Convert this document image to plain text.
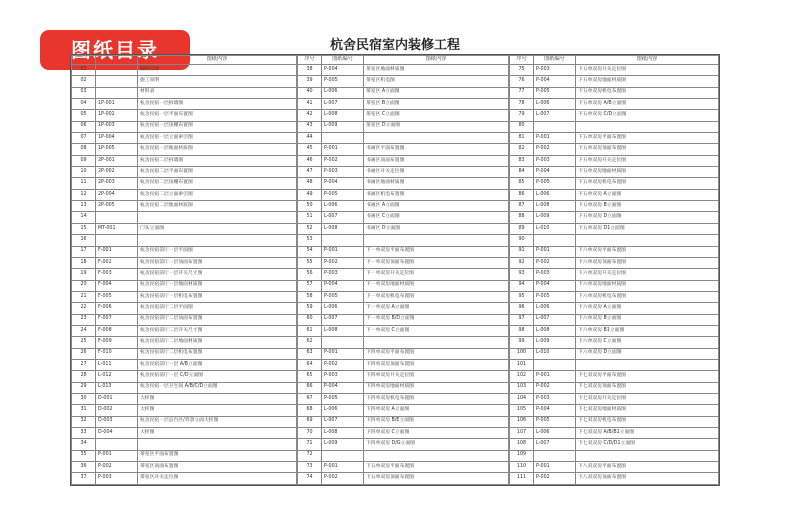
图纸目录	杭舍民宿室内装修工程
		图纸内容
01		图纸目录
02		施工说明
03		材料表
04	1P-001	杭舍民宿一层拆墙图
05	1P-002	杭舍民宿一层平面布置图
06	1P-003	杭舍民宿一层顶棚布置图
07	1P-004	杭舍民宿一层立面索引图
08	1P-005	杭舍民宿一层地面材质图
09	2P-001	杭舍民宿二层拆墙图
10	2P-002	杭舍民宿二层平面布置图
11	2P-003	杭舍民宿二层顶棚布置图
12	2P-004	杭舍民宿二层立面索引图
13	2P-005	杭舍民宿二层地面材质图
14		
15	MT-001	门头立面图
16		
17	F-001	杭舍民宿前厅一层平面图
18	F-002	杭舍民宿前厅一层顶面布置图
19	F-003	杭舍民宿前厅一层开关尺寸图
20	F-004	杭舍民宿前厅一层地面材质图
21	F-005	杭舍民宿前厅一层机电布置图
22	F-006	杭舍民宿前厅二层平面图
23	F-007	杭舍民宿前厅二层顶面布置图
24	F-008	杭舍民宿前厅二层开关尺寸图
25	F-009	杭舍民宿前厅二层地面材质图
26	F-010	杭舍民宿前厅二层机电布置图
27	L-011	杭舍民宿前厅一层 A/B立面图
28	L-012	杭舍民宿前厅一层 C/D立面图
29	L-013	杭舍民宿一层卫生间 A/B/C/D立面图
30	D-001	大样图
31	D-002	大样图
32	D-003	杭舍民宿一层总台区/背景立面大样图
33	D-004	大样图
34		
35	P-001	茶室区平面布置图
36	P-002	茶室区顶面布置图
37	P-003	茶室区开关定位图
序号	图纸编号	图纸内容
38	P-004	茶室区地面材质图
39	P-005	茶室区机电图
40	L-006	茶室区 A立面图
41	L-007	茶室区 B立面图
42	L-008	茶室区 C立面图
43	L-009	茶室区 D立面图
44		
45	P-001	书画区平面布置图
46	P-002	书画区顶面布置图
47	P-003	书画区开关定位图
48	P-004	书画区地面材质图
49	P-005	书画区机电布置图
50	L-006	书画区 A立面图
51	L-007	书画区 C立面图
52	L-008	书画区 D立面图
53		
54	P-001	下一单双房平面布置图
55	P-002	下一单双房顶面布置图
56	P-003	下一单双房开关定位图
57	P-004	下一单双房地面材质图
58	P-005	下一单双房机电布置图
59	L-006	下一单双房 A立面图
60	L-007	下一单双房 B/D立面图
61	L-008	下一单双房 C立面图
62		
63	P-001	下四单双房平面布置图
64	P-002	下四单双房顶面布置图
65	P-003	下四单双房开关定位图
66	P-004	下四单双房地面材质图
67	P-005	下四单双房机电布置图
68	L-006	下四单双房 A立面图
69	L-007	下四单双房 B/E立面图
70	L-008	下四单双房 C立面图
71	L-009	下四单双房 D/G立面图
72		
73	P-001	下五单双房平面布置图
74	P-002	下五单双房顶面布置图
序号	图纸编号	图纸内容
75	P-003	下五单双房开关定位图
76	P-004	下五单双房地面材质图
77	P-005	下五单双房机电布置图
78	L-006	下五单双房 A/B立面图
79	L-007	下五单双房 C/D立面图
80		
81	P-001	下五单双房平面布置图
82	P-002	下五单双房顶面布置图
83	P-003	下五单双房开关定位图
84	P-004	下五单双房地面材质图
85	P-005	下五单双房机电布置图
86	L-006	下五单双房 A立面图
87	L-008	下五单双房 B立面图
88	L-009	下五单双房 D立面图
89	L-010	下五单双房 D1立面图
90		
91	P-001	下六单双房平面布置图
92	P-002	下六单双房顶面布置图
93	P-003	下六单双房开关定位图
94	P-004	下六单双房地面材质图
95	P-005	下六单双房机电布置图
96	L-006	下六单双房 A立面图
97	L-007	下六单双房 B立面图
98	L-008	下六单双房 B1立面图
99	L-009	下六单双房 C立面图
100	L-010	下六单双房 D立面图
101		
102	P-001	下七双双房平面布置图
103	P-002	下七双双房顶面布置图
104	P-003	下七双双房开关定位图
105	P-004	下七双双房地面材质图
106	P-005	下七双双房机电布置图
107	L-006	下七双双房 A/B/B1立面图
108	L-007	下七双双房 C/D/D1立面图
109		
110	P-001	下八双双房平面布置图
111	P-002	下八双双房顶面布置图
